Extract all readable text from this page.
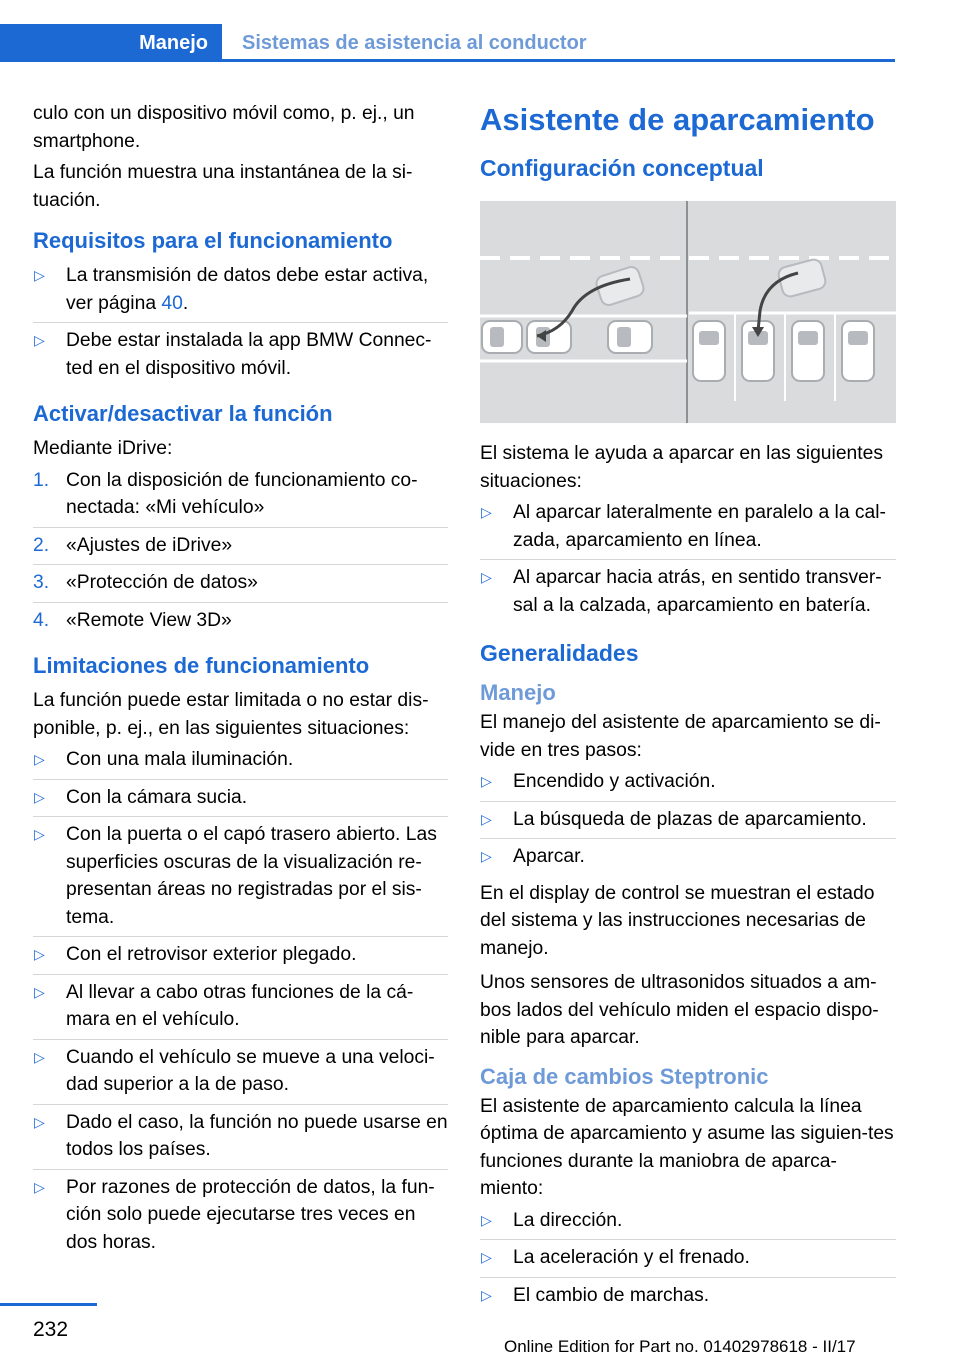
Manejo	Sistemas de asistencia al conductor

culo con un dispositivo móvil como, p. ej., un smartphone.

La función muestra una instantánea de la si-tuación.

Requisitos para el funcionamiento
▷ La transmisión de datos debe estar activa, ver página 40.
▷ Debe estar instalada la app BMW Connec-ted en el dispositivo móvil.
Activar/desactivar la función

Mediante iDrive:

1. Con la disposición de funcionamiento co-nectada: «Mi vehículo»
2. «Ajustes de iDrive»
3. «Protección de datos»
4. «Remote View 3D»
Limitaciones de funcionamiento

La función puede estar limitada o no estar dis-ponible, p. ej., en las siguientes situaciones:

▷ Con una mala iluminación.
▷ Con la cámara sucia.
▷ Con la puerta o el capó trasero abierto. Las superficies oscuras de la visualización re-presentan áreas no registradas por el sis-tema.
▷ Con el retrovisor exterior plegado.
▷ Al llevar a cabo otras funciones de la cá-mara en el vehículo.
▷ Cuando el vehículo se mueve a una veloci-dad superior a la de paso.
▷ Dado el caso, la función no puede usarse en todos los países.
▷ Por razones de protección de datos, la fun-ción solo puede ejecutarse tres veces en dos horas.
Asistente de aparcamiento
Configuración conceptual

El sistema le ayuda a aparcar en las siguientes situaciones:

▷ Al aparcar lateralmente en paralelo a la cal-zada, aparcamiento en línea.
▷ Al aparcar hacia atrás, en sentido transver-sal a la calzada, aparcamiento en batería.
Generalidades
Manejo

El manejo del asistente de aparcamiento se di-vide en tres pasos:

▷ Encendido y activación.
▷ La búsqueda de plazas de aparcamiento.
▷ Aparcar.

En el display de control se muestran el estado del sistema y las instrucciones necesarias de manejo.

Unos sensores de ultrasonidos situados a am-bos lados del vehículo miden el espacio dispo-nible para aparcar.

Caja de cambios Steptronic

El asistente de aparcamiento calcula la línea óptima de aparcamiento y asume las siguien-tes funciones durante la maniobra de aparca-miento:

▷ La dirección.
▷ La aceleración y el frenado.
▷ El cambio de marchas.
232
Online Edition for Part no. 01402978618 - II/17
